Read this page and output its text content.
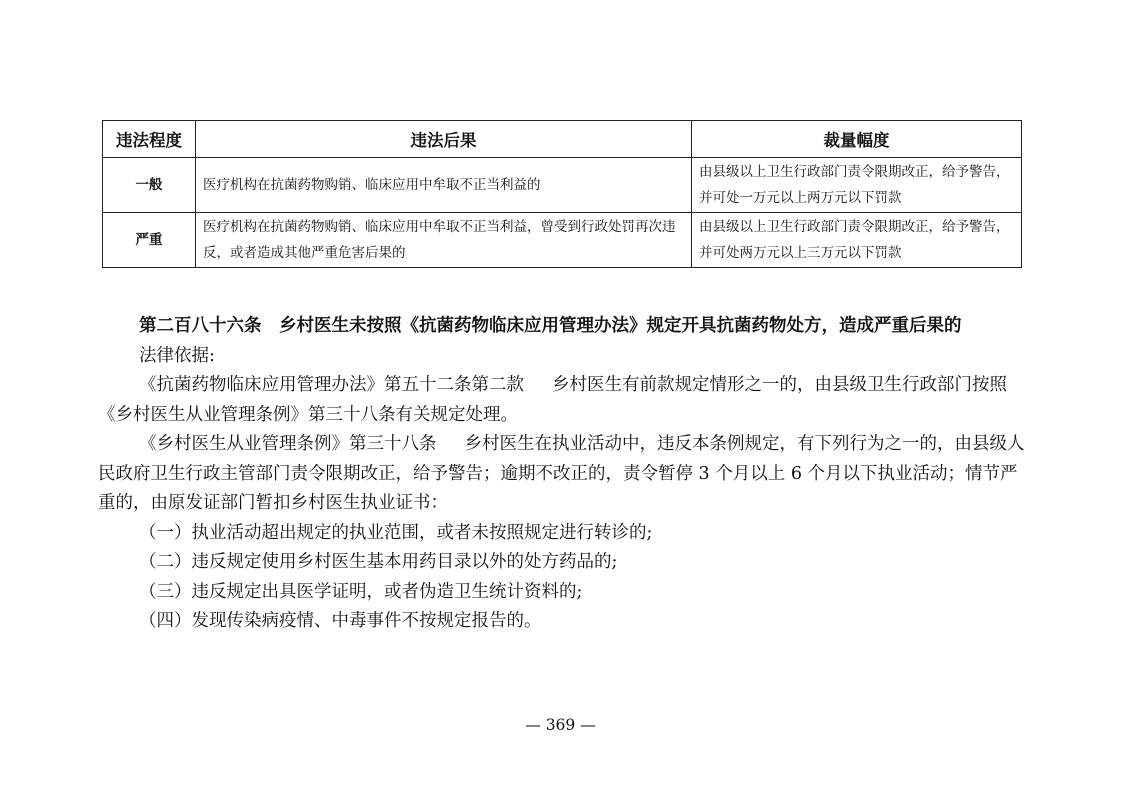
违法程度	违法后果	裁量幅度
一般	医疗机构在抗菌药物购销、临床应用中牟取不正当利益的	由县级以上卫生行政部门责令限期改正，给予警告，并可处一万元以上两万元以下罚款
严重	医疗机构在抗菌药物购销、临床应用中牟取不正当利益，曾受到行政处罚再次违反，或者造成其他严重危害后果的	由县级以上卫生行政部门责令限期改正，给予警告，并可处两万元以上三万元以下罚款

第二百八十六条　乡村医生未按照《抗菌药物临床应用管理办法》规定开具抗菌药物处方，造成严重后果的

法律依据:

《抗菌药物临床应用管理办法》第五十二条第二款 乡村医生有前款规定情形之一的，由县级卫生行政部门按照《乡村医生从业管理条例》第三十八条有关规定处理。

《乡村医生从业管理条例》第三十八条 乡村医生在执业活动中，违反本条例规定，有下列行为之一的，由县级人民政府卫生行政主管部门责令限期改正，给予警告；逾期不改正的，责令暂停 3 个月以上 6 个月以下执业活动；情节严重的，由原发证部门暂扣乡村医生执业证书：

（一）执业活动超出规定的执业范围，或者未按照规定进行转诊的;

（二）违反规定使用乡村医生基本用药目录以外的处方药品的;

（三）违反规定出具医学证明，或者伪造卫生统计资料的;

（四）发现传染病疫情、中毒事件不按规定报告的。

— 369 —
